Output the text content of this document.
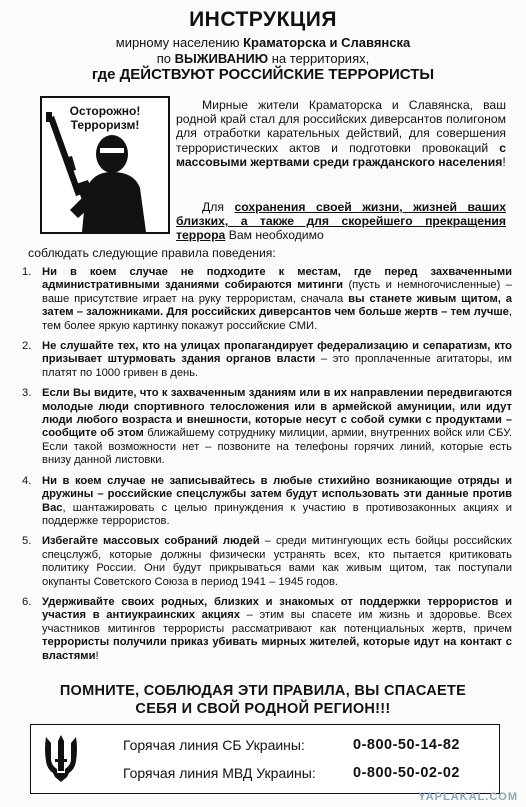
ИНСТРУКЦИЯ
мирному населению Краматорска и Славянска
по ВЫЖИВАНИЮ на территориях,
где ДЕЙСТВУЮТ РОССИЙСКИЕ ТЕРРОРИСТЫ
Осторожно!
Терроризм!
Мирные жители Краматорска и Славянска, ваш родной край стал для российских диверсантов полигоном для отработки карательных действий, для совершения террористических актов и подготовки провокаций с массовыми жертвами среди гражданского населения!
Для сохранения своей жизни, жизней ваших близких, а также для скорейшего прекращения террора Вам необходимо
соблюдать следующие правила поведения:
1. Ни в коем случае не подходите к местам, где перед захваченными административными зданиями собираются митинги (пусть и немногочисленные) – ваше присутствие играет на руку террористам, сначала вы станете живым щитом, а затем – заложниками. Для российских диверсантов чем больше жертв – тем лучше, тем более яркую картинку покажут российские СМИ.
2. Не слушайте тех, кто на улицах пропагандирует федерализацию и сепаратизм, кто призывает штурмовать здания органов власти – это проплаченные агитаторы, им платят по 1000 гривен в день.
3. Если Вы видите, что к захваченным зданиям или в их направлении передвигаются молодые люди спортивного телосложения или в армейской амуниции, или идут люди любого возраста и внешности, которые несут с собой сумки с продуктами – сообщите об этом ближайшему сотруднику милиции, армии, внутренних войск или СБУ. Если такой возможности нет – позвоните на телефоны горячих линий, которые есть внизу данной листовки.
4. Ни в коем случае не записывайтесь в любые стихийно возникающие отряды и дружины – российские спецслужбы затем будут использовать эти данные против Вас, шантажировать с целью принуждения к участию в противозаконных акциях и поддержке террористов.
5. Избегайте массовых собраний людей – среди митингующих есть бойцы российских спецслужб, которые должны физически устранять всех, кто пытается критиковать политику России. Они будут прикрываться вами как живым щитом, так поступали окупанты Советского Союза в период 1941 – 1945 годов.
6. Удерживайте своих родных, близких и знакомых от поддержки террористов и участия в антиукраинских акциях – этим вы спасете им жизнь и здоровье. Всех участников митингов террористы рассматривают как потенциальных жертв, причем террористы получили приказ убивать мирных жителей, которые идут на контакт с властями!
ПОМНИТЕ, СОБЛЮДАЯ ЭТИ ПРАВИЛА, ВЫ СПАСАЕТЕ
СЕБЯ И СВОЙ РОДНОЙ РЕГИОН!!!
Горячая линия СБ Украины:	0-800-50-14-82
Горячая линия МВД Украины:	0-800-50-02-02
YAPLAKAL.COM
